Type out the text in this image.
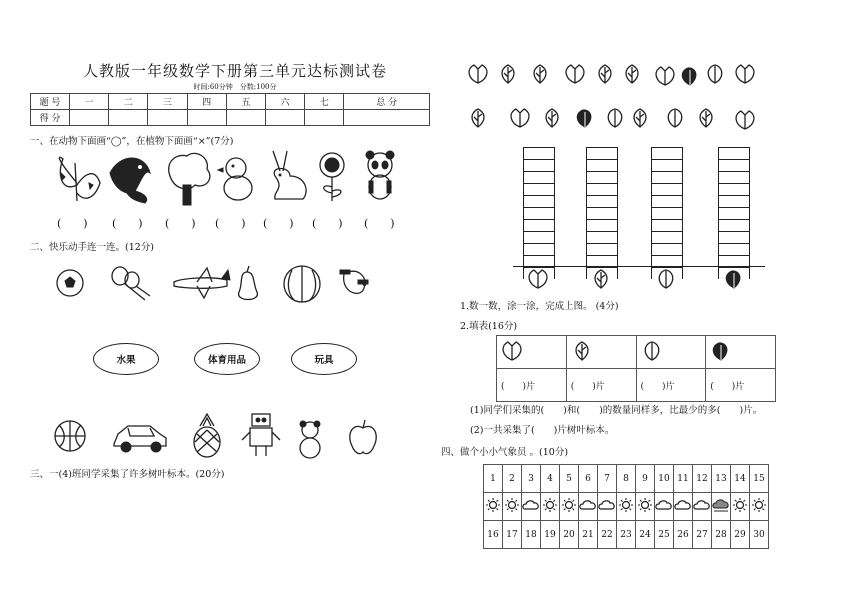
人教版一年级数学下册第三单元达标测试卷
时间:60分钟　分数:100分
题 号	一	二	三	四	五	六	七	总 分
得 分								
一、在动物下面画“◯”，在植物下面画“×”(7分)
(　　) (　　) (　　) (　　) (　　) (　　) (　　)
二、快乐动手连一连。(12分)
水果	体育用品	玩具
三、一(4)班同学采集了许多树叶标本。(20分)
1.数一数，涂一涂，完成上图。 (4分)
2.填表(16分)

(　　)片	(　　)片	(　　)片	(　　)片
(1)同学们采集的(　　)和(　　)的数量同样多，比最少的多(　　)片。
(2)一共采集了(　　)片树叶标本。
四、做个小小气象员 。(10分)
1	2	3	4	5	6	7	8	9	10	11	12	13	14	15

16	17	18	19	20	21	22	23	24	25	26	27	28	29	30
